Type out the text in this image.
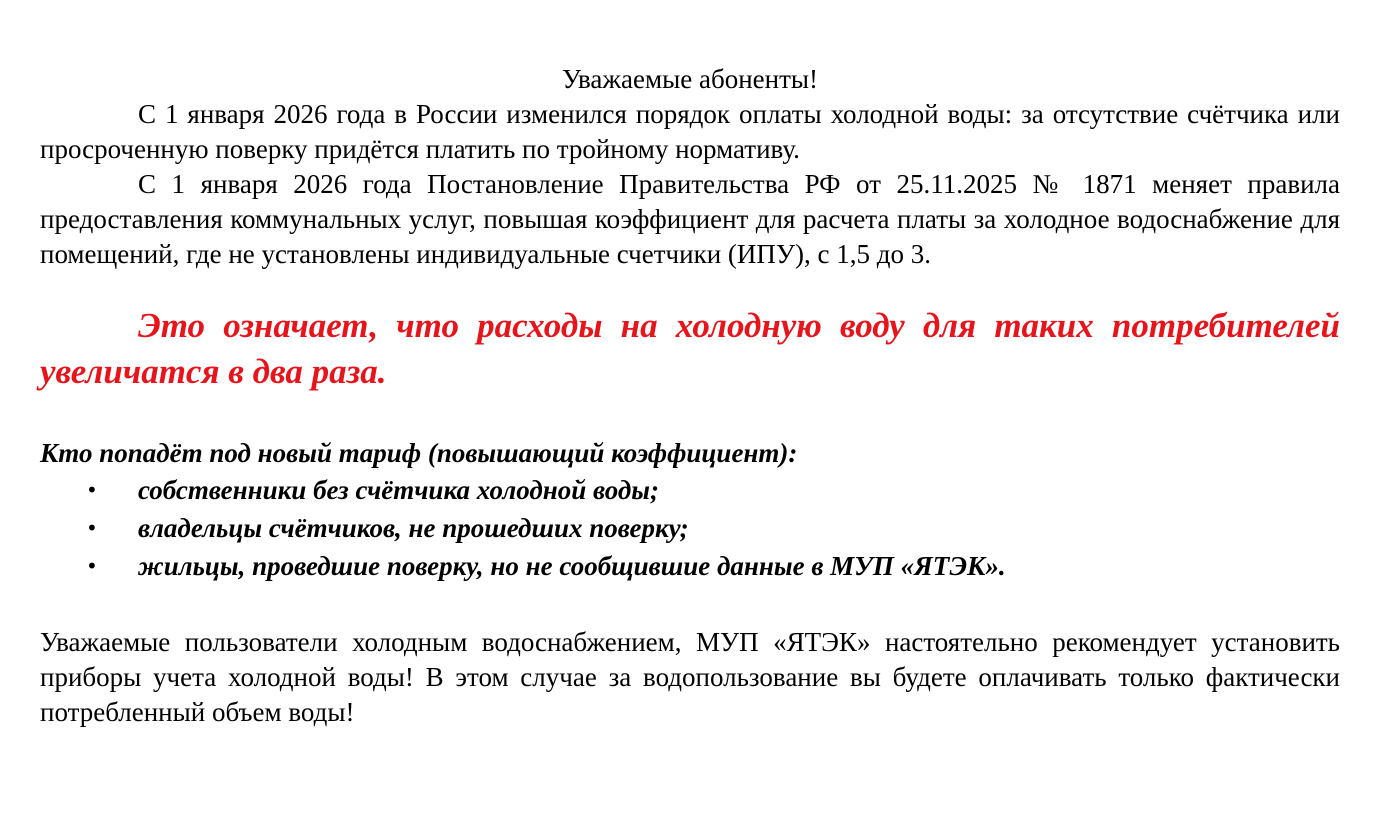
Уважаемые абоненты!

С 1 января 2026 года в России изменился порядок оплаты холодной воды: за отсутствие счётчика или просроченную поверку придётся платить по тройному нормативу.

С 1 января 2026 года Постановление Правительства РФ от 25.11.2025 № 1871 меняет правила предоставления коммунальных услуг, повышая коэффициент для расчета платы за холодное водоснабжение для помещений, где не установлены индивидуальные счетчики (ИПУ), с 1,5 до 3.

Это означает, что расходы на холодную воду для таких потребителей увеличатся в два раза.

Кто попадёт под новый тариф (повышающий коэффициент):

• собственники без счётчика холодной воды;
• владельцы счётчиков, не прошедших поверку;
• жильцы, проведшие поверку, но не сообщившие данные в МУП «ЯТЭК».

Уважаемые пользователи холодным водоснабжением, МУП «ЯТЭК» настоятельно рекомендует установить приборы учета холодной воды! В этом случае за водопользование вы будете оплачивать только фактически потребленный объем воды!
